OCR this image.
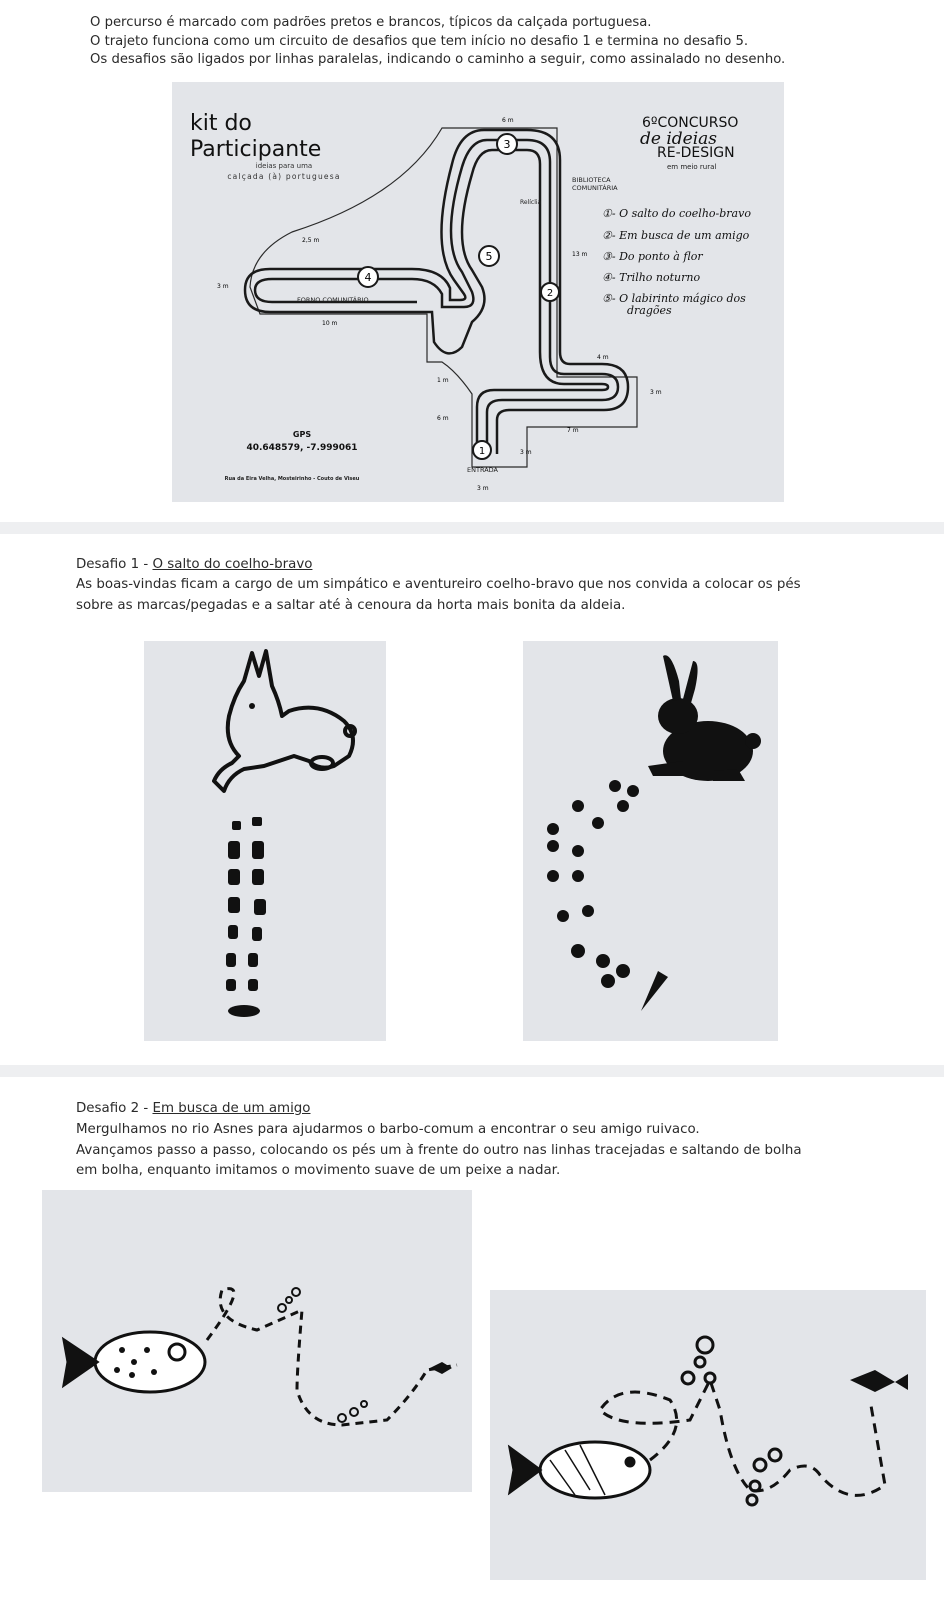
O percurso é marcado com padrões pretos e brancos, típicos da calçada portuguesa.

O trajeto funciona como um circuito de desafios que tem início no desafio 1 e termina no desafio 5.

Os desafios são ligados por linhas paralelas, indicando o caminho a seguir, como assinalado no desenho.

3
5
4
2
1
kit do
Participante
ideias para uma
calçada (à) portuguesa
6ºCONCURSO
de ideias
RE-DESIGN
em meio rural
BIBLIOTECA
COMUNITÁRIA
Relíclia
FORNO COMUNITÁRIO
ENTRADA
6 m
2,5 m
3 m
10 m
13 m
4 m
1 m
3 m
6 m
7 m
3 m
3 m
GPS
40.648579, -7.999061
Rua da Eira Velha, Mosteirinho - Couto de Viseu
①- O salto do coelho-bravo
②- Em busca de um amigo
③- Do ponto à flor
④- Trilho noturno
⑤- O labirinto mágico dos
dragões
Desafio 1 - O salto do coelho-bravo

As boas-vindas ficam a cargo de um simpático e aventureiro coelho-bravo que nos convida a colocar os pés

sobre as marcas/pegadas e a saltar até à cenoura da horta mais bonita da aldeia.

Desafio 2 - Em busca de um amigo

Mergulhamos no rio Asnes para ajudarmos o barbo-comum a encontrar o seu amigo ruivaco.

Avançamos passo a passo, colocando os pés um à frente do outro nas linhas tracejadas e saltando de bolha

em bolha, enquanto imitamos o movimento suave de um peixe a nadar.
